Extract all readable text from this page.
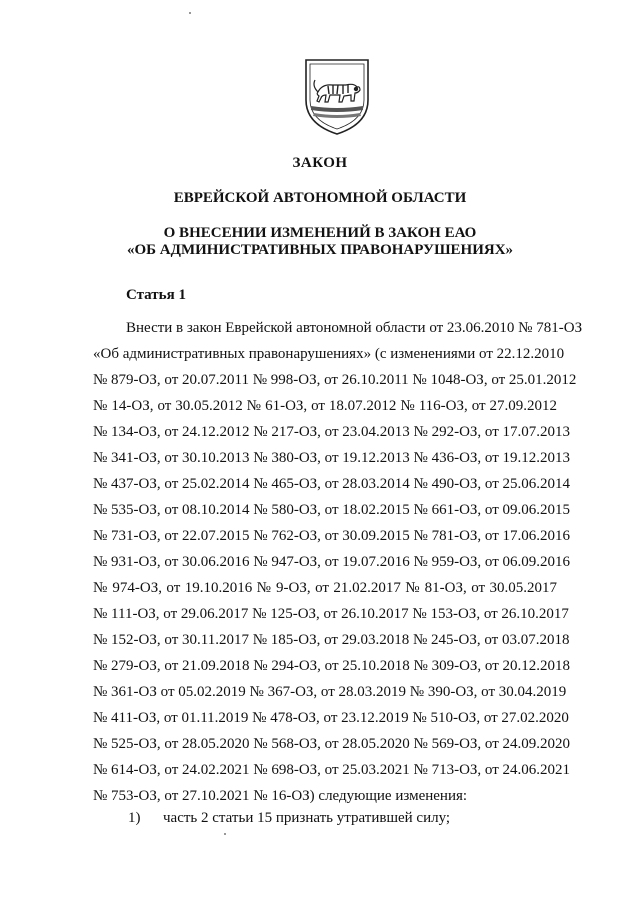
ЗАКОН
ЕВРЕЙСКОЙ АВТОНОМНОЙ ОБЛАСТИ
О ВНЕСЕНИИ ИЗМЕНЕНИЙ В ЗАКОН ЕАО
«ОБ АДМИНИСТРАТИВНЫХ ПРАВОНАРУШЕНИЯХ»
Статья 1
Внести в закон Еврейской автономной области от 23.06.2010 № 781-ОЗ
«Об административных правонарушениях» (с изменениями от 22.12.2010
№ 879-ОЗ, от 20.07.2011 № 998-ОЗ, от 26.10.2011 № 1048-ОЗ, от 25.01.2012
№ 14-ОЗ, от 30.05.2012 № 61-ОЗ, от 18.07.2012 № 116-ОЗ, от 27.09.2012
№ 134-ОЗ, от 24.12.2012 № 217-ОЗ, от 23.04.2013 № 292-ОЗ, от 17.07.2013
№ 341-ОЗ, от 30.10.2013 № 380-ОЗ, от 19.12.2013 № 436-ОЗ, от 19.12.2013
№ 437-ОЗ, от 25.02.2014 № 465-ОЗ, от 28.03.2014 № 490-ОЗ, от 25.06.2014
№ 535-ОЗ, от 08.10.2014 № 580-ОЗ, от 18.02.2015 № 661-ОЗ, от 09.06.2015
№ 731-ОЗ, от 22.07.2015 № 762-ОЗ, от 30.09.2015 № 781-ОЗ, от 17.06.2016
№ 931-ОЗ, от 30.06.2016 № 947-ОЗ, от 19.07.2016 № 959-ОЗ, от 06.09.2016
№ 974-ОЗ, от 19.10.2016 № 9-ОЗ, от 21.02.2017 № 81-ОЗ, от 30.05.2017
№ 111-ОЗ, от 29.06.2017 № 125-ОЗ, от 26.10.2017 № 153-ОЗ, от 26.10.2017
№ 152-ОЗ, от 30.11.2017 № 185-ОЗ, от 29.03.2018 № 245-ОЗ, от 03.07.2018
№ 279-ОЗ, от 21.09.2018 № 294-ОЗ, от 25.10.2018 № 309-ОЗ, от 20.12.2018
№ 361-ОЗ от 05.02.2019 № 367-ОЗ, от 28.03.2019 № 390-ОЗ, от 30.04.2019
№ 411-ОЗ, от 01.11.2019 № 478-ОЗ, от 23.12.2019 № 510-ОЗ, от 27.02.2020
№ 525-ОЗ, от 28.05.2020 № 568-ОЗ, от 28.05.2020 № 569-ОЗ, от 24.09.2020
№ 614-ОЗ, от 24.02.2021 № 698-ОЗ, от 25.03.2021 № 713-ОЗ, от 24.06.2021
№ 753-ОЗ, от 27.10.2021 № 16-ОЗ) следующие изменения:
1) часть 2 статьи 15 признать утратившей силу;
